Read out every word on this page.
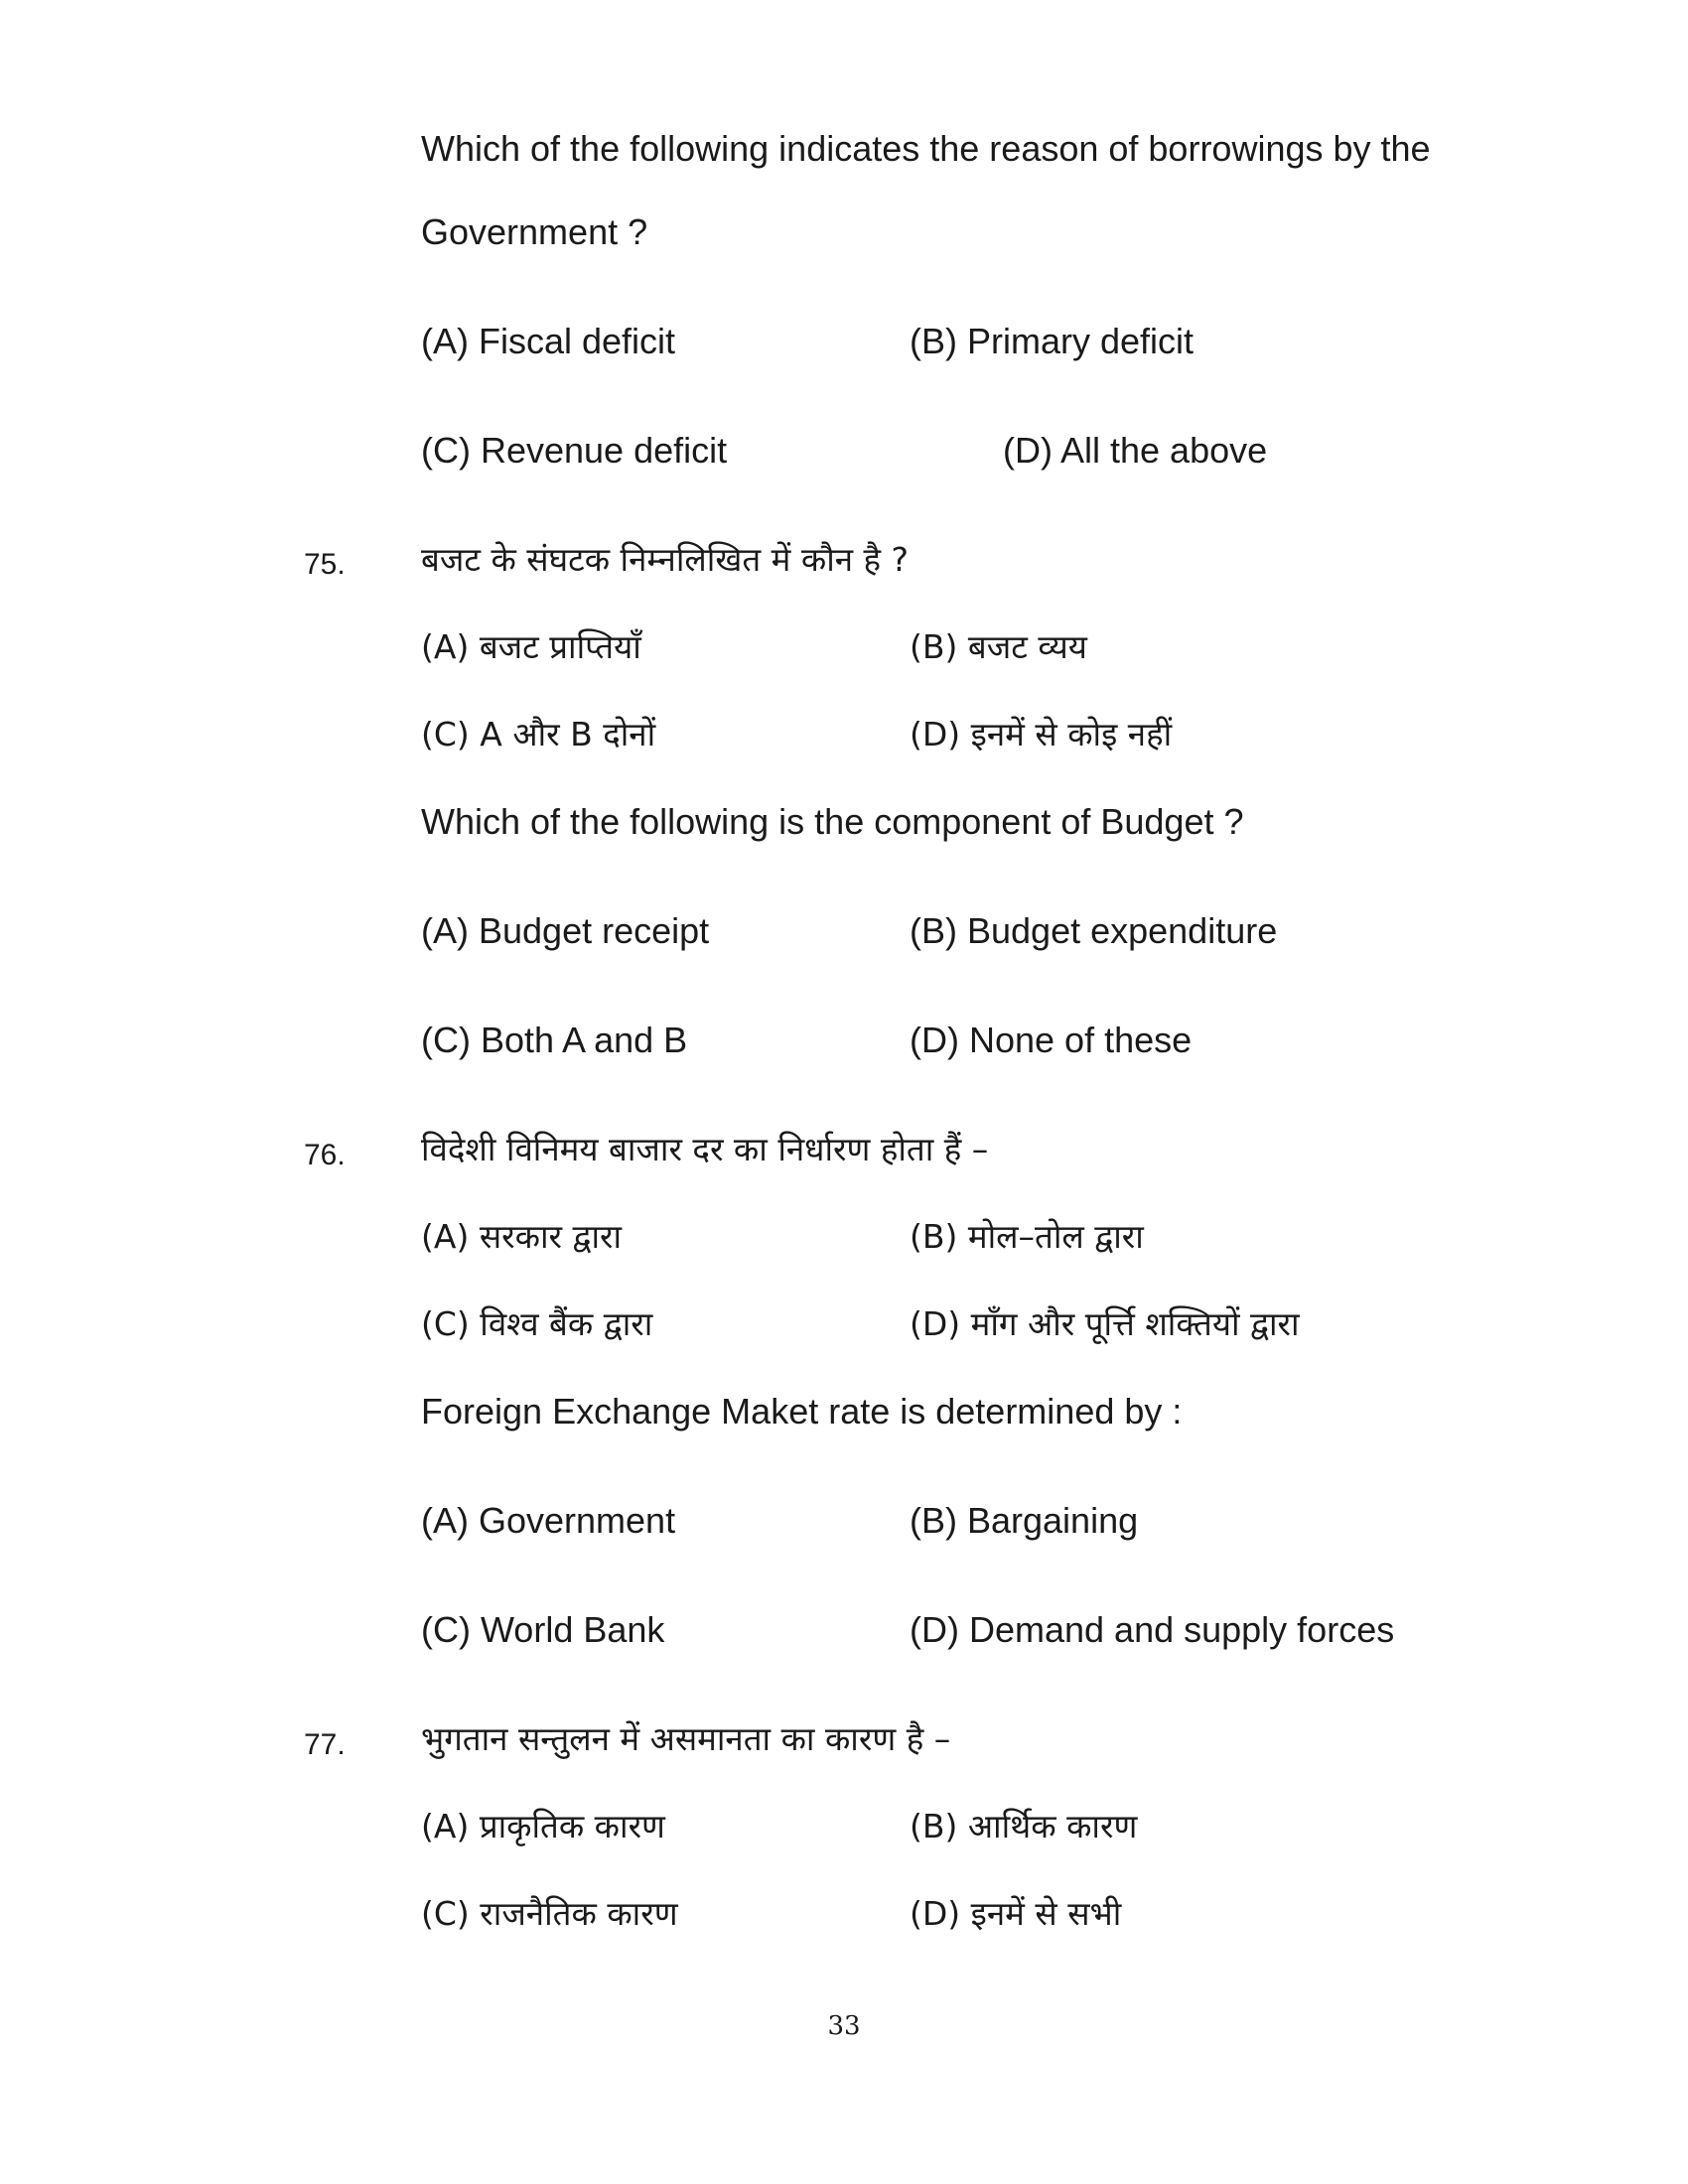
Which of the following indicates the reason of borrowings by the
Government ?
(A) Fiscal deficit	(B) Primary deficit
(C) Revenue deficit	(D) All the above
75. बजट के संघटक निम्नलिखित में कौन है ?
(A) बजट प्राप्तियाँ	(B) बजट व्यय
(C) A और B दोनों	(D) इनमें से कोइ नहीं
Which of the following is the component of Budget ?
(A) Budget receipt	(B) Budget expenditure
(C) Both A and B	(D) None of these
76. विदेशी विनिमय बाजार दर का निर्धारण होता हैं –
(A) सरकार द्वारा	(B) मोल–तोल द्वारा
(C) विश्व बैंक द्वारा	(D) माँग और पूर्त्ति शक्तियों द्वारा
Foreign Exchange Maket rate is determined by :
(A) Government	(B) Bargaining
(C) World Bank	(D) Demand and supply forces
77. भुगतान सन्तुलन में असमानता का कारण है –
(A) प्राकृतिक कारण	(B) आर्थिक कारण
(C) राजनैतिक कारण	(D) इनमें से सभी
33
